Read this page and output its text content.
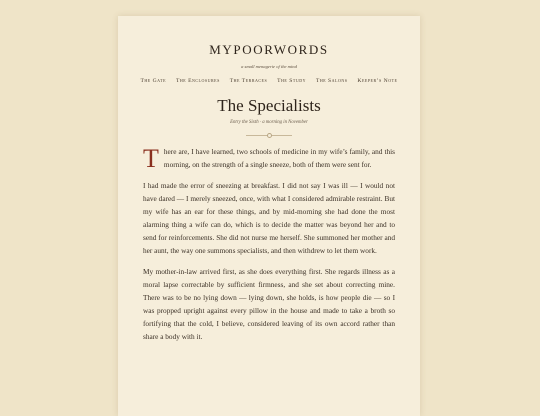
MYPOORWORDS
a small menagerie of the mind
The Gate The Enclosures The Terraces The Study The Salons Keeper’s Note
The Specialists
Entry the Sixth · a morning in November

There are, I have learned, two schools of medicine in my wife’s family, and this morning, on the strength of a single sneeze, both of them were sent for.

I had made the error of sneezing at breakfast. I did not say I was ill — I would not have dared — I merely sneezed, once, with what I considered admirable restraint. But my wife has an ear for these things, and by mid-morning she had done the most alarming thing a wife can do, which is to decide the matter was beyond her and to send for reinforcements. She did not nurse me herself. She summoned her mother and her aunt, the way one summons specialists, and then withdrew to let them work.

My mother-in-law arrived first, as she does everything first. She regards illness as a moral lapse correctable by sufficient firmness, and she set about correcting mine. There was to be no lying down — lying down, she holds, is how people die — so I was propped upright against every pillow in the house and made to take a broth so fortifying that the cold, I believe, considered leaving of its own accord rather than share a body with it.
